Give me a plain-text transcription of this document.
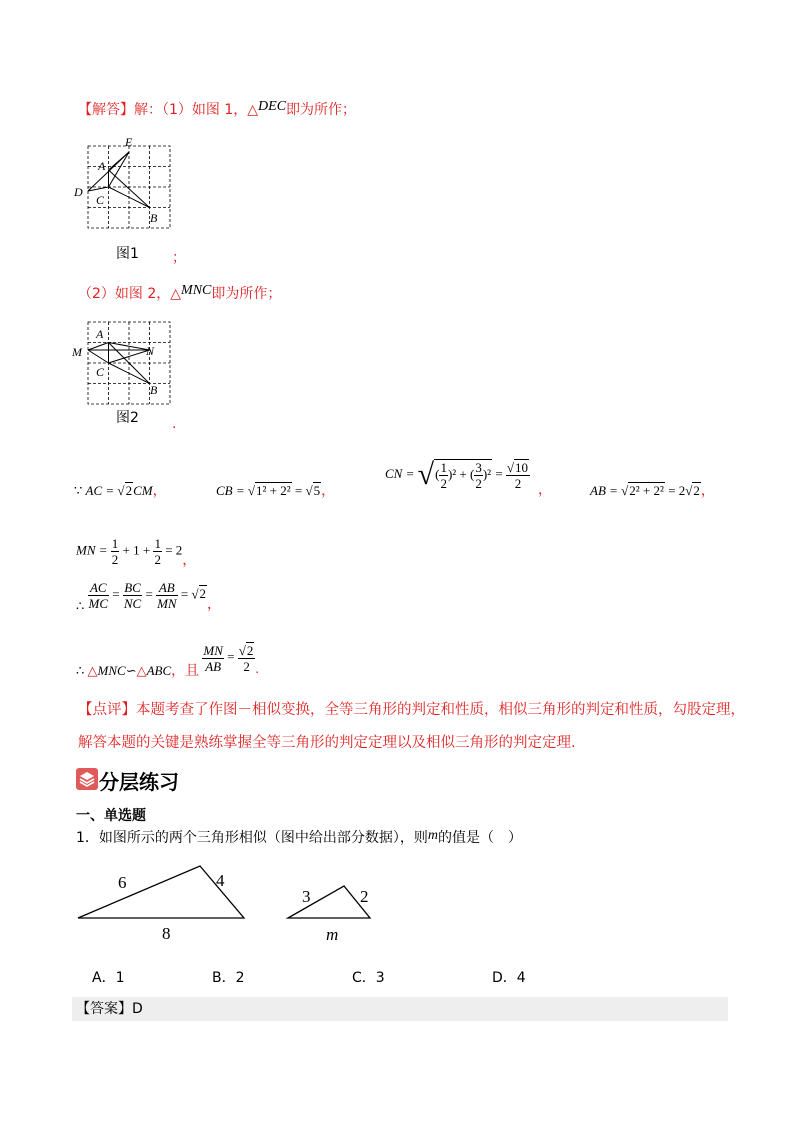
【解答】解：（1）如图 1，△DEC即为所作；
E
A
D
C
B
图1 ；
（2）如图 2，△MNC即为所作；
A
M	N
C
B
图2 .
∵ AC = √2CM，	CB = √1² + 2² = √5，
CN = √( $\frac{1}{2} )^2$ + ( $\frac{3}{2} )^2 = \frac{√10}{2}$ ，	AB = √2² + 2² = 2√2，
MN = $\frac{1}{2} + 1 + \frac{1}{2} = 2$，
∴ $\frac{AC}{MC} = \frac{BC}{NC} = \frac{AB}{MN} = √2$，
∴ △MNC∽△ABC，且 $\frac{MN}{AB} = \frac{√2}{2}$ .
【点评】本题考查了作图－相似变换，全等三角形的判定和性质，相似三角形的判定和性质，勾股定理，
解答本题的关键是熟练掌握全等三角形的判定定理以及相似三角形的判定定理.
分层练习
一、单选题
1．如图所示的两个三角形相似（图中给出部分数据），则m的值是（　）
6	4
8
3	2
m
A．1	B．2	C．3	D．4
【答案】D
